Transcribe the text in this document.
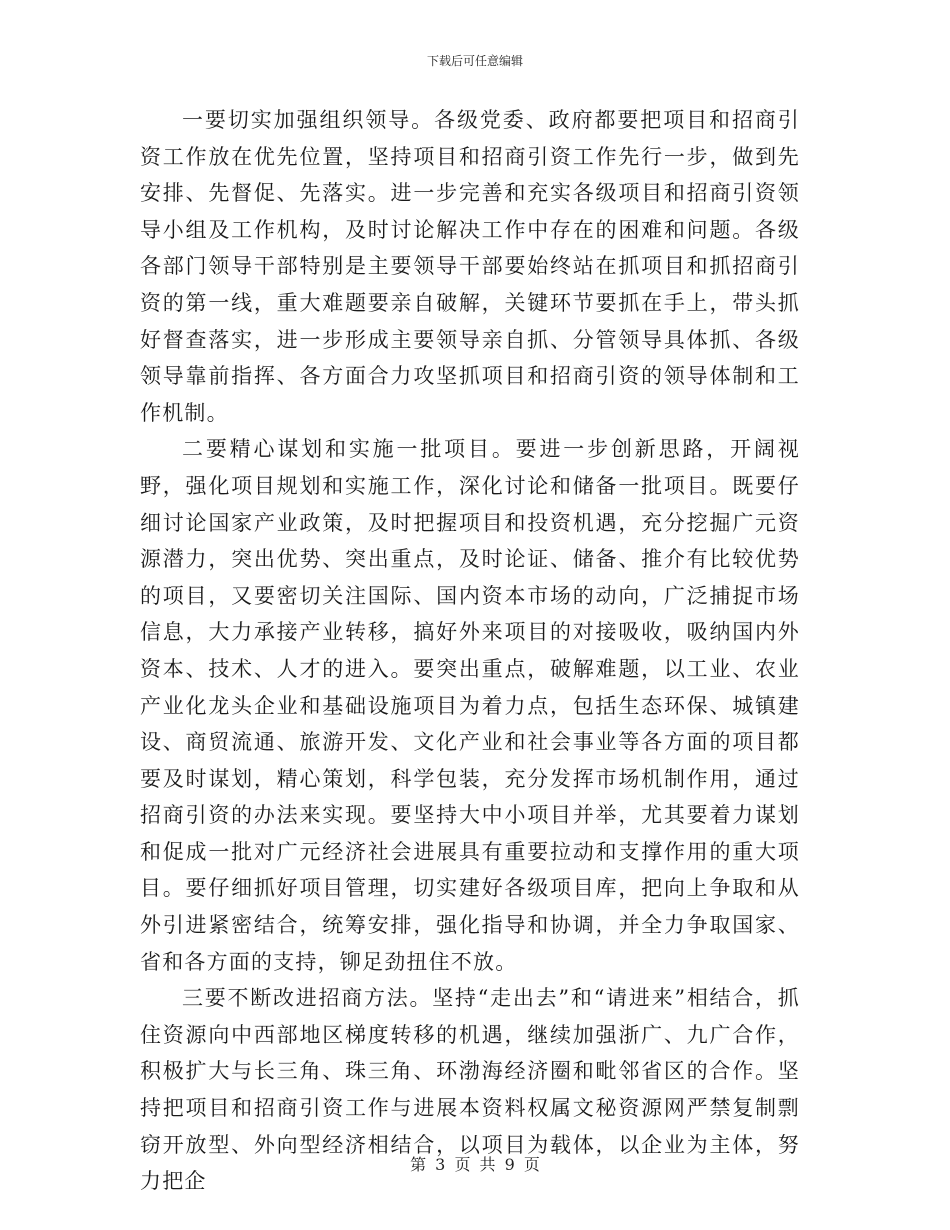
下载后可任意编辑

一要切实加强组织领导。各级党委、政府都要把项目和招商引资工作放在优先位置，坚持项目和招商引资工作先行一步，做到先安排、先督促、先落实。进一步完善和充实各级项目和招商引资领导小组及工作机构，及时讨论解决工作中存在的困难和问题。各级各部门领导干部特别是主要领导干部要始终站在抓项目和抓招商引资的第一线，重大难题要亲自破解，关键环节要抓在手上，带头抓好督查落实，进一步形成主要领导亲自抓、分管领导具体抓、各级领导靠前指挥、各方面合力攻坚抓项目和招商引资的领导体制和工作机制。

二要精心谋划和实施一批项目。要进一步创新思路，开阔视野，强化项目规划和实施工作，深化讨论和储备一批项目。既要仔细讨论国家产业政策，及时把握项目和投资机遇，充分挖掘广元资源潜力，突出优势、突出重点，及时论证、储备、推介有比较优势的项目，又要密切关注国际、国内资本市场的动向，广泛捕捉市场信息，大力承接产业转移，搞好外来项目的对接吸收，吸纳国内外资本、技术、人才的进入。要突出重点，破解难题，以工业、农业产业化龙头企业和基础设施项目为着力点，包括生态环保、城镇建设、商贸流通、旅游开发、文化产业和社会事业等各方面的项目都要及时谋划，精心策划，科学包装，充分发挥市场机制作用，通过招商引资的办法来实现。要坚持大中小项目并举，尤其要着力谋划和促成一批对广元经济社会进展具有重要拉动和支撑作用的重大项目。要仔细抓好项目管理，切实建好各级项目库，把向上争取和从外引进紧密结合，统筹安排，强化指导和协调，并全力争取国家、省和各方面的支持，铆足劲扭住不放。

三要不断改进招商方法。坚持“走出去”和“请进来”相结合，抓住资源向中西部地区梯度转移的机遇，继续加强浙广、九广合作，积极扩大与长三角、珠三角、环渤海经济圈和毗邻省区的合作。坚持把项目和招商引资工作与进展本资料权属文秘资源网严禁复制剽窃开放型、外向型经济相结合，以项目为载体，以企业为主体，努力把企

第 3 页 共 9 页
